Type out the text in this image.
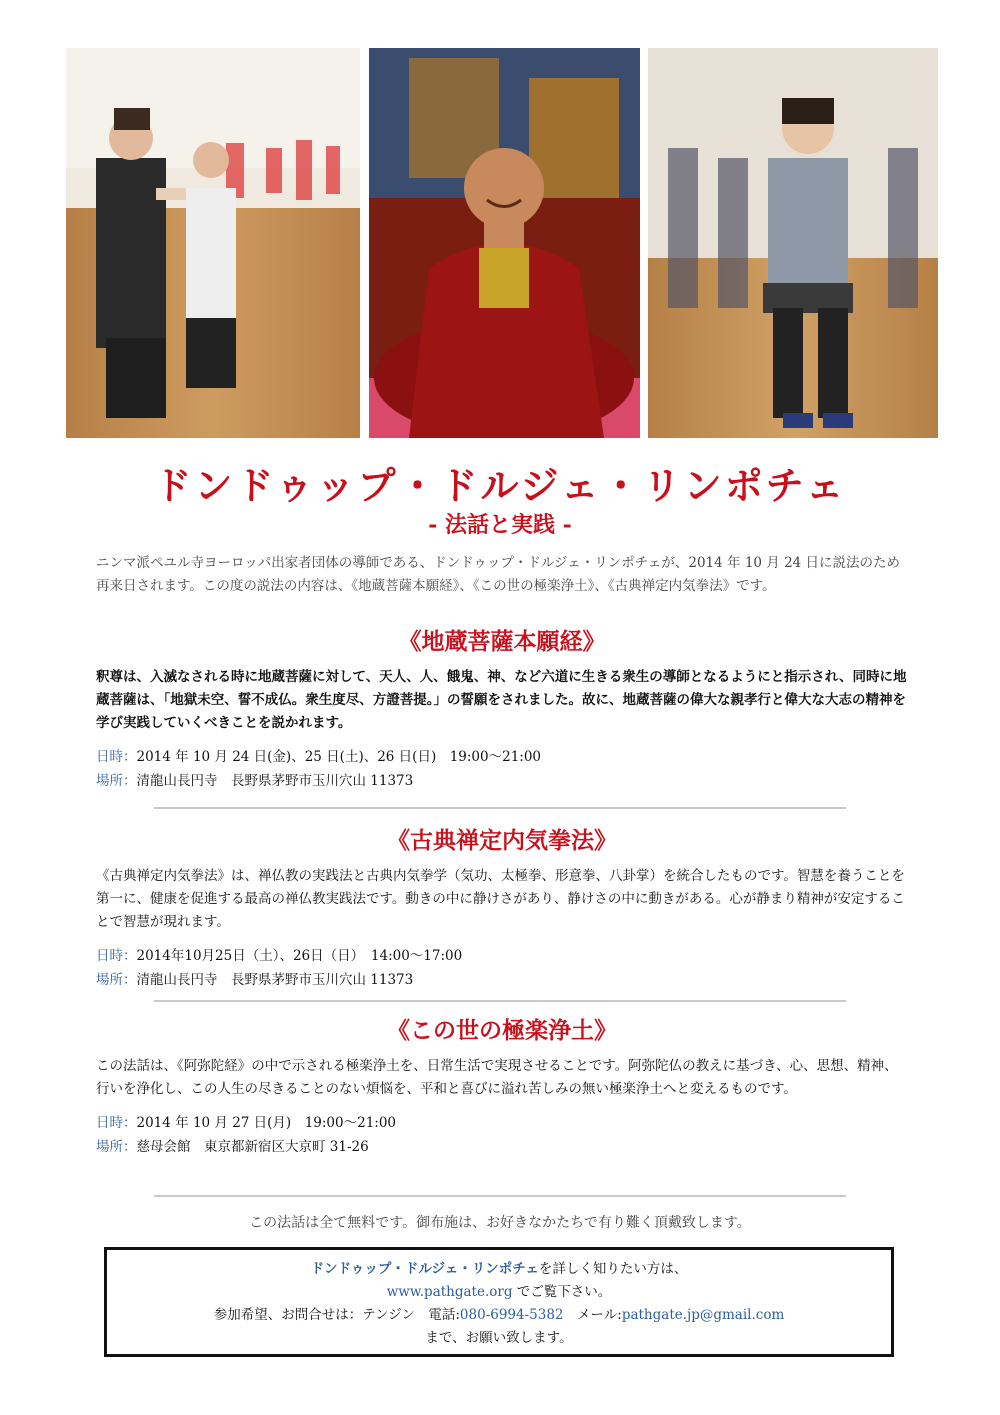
ドンドゥップ・ドルジェ・リンポチェ
- 法話と実践 -

ニンマ派ペユル寺ヨーロッパ出家者団体の導師である、ドンドゥップ・ドルジェ・リンポチェが、2014 年 10 月 24 日に説法のため再来日されます。この度の説法の内容は、《地蔵菩薩本願経》、《この世の極楽浄土》、《古典禅定内気拳法》です。

《地蔵菩薩本願経》

釈尊は、入滅なされる時に地蔵菩薩に対して、天人、人、餓鬼、神、など六道に生きる衆生の導師となるようにと指示され、同時に地蔵菩薩は、「地獄未空、誓不成仏。衆生度尽、方證菩提。」の誓願をされました。故に、地蔵菩薩の偉大な親孝行と偉大な大志の精神を学び実践していくべきことを説かれます。

日時：2014 年 10 月 24 日(金)、25 日(土)、26 日(日)　19:00〜21:00
場所：清龍山長円寺　長野県茅野市玉川穴山 11373
《古典禅定内気拳法》

《古典禅定内気拳法》は、禅仏教の実践法と古典内気拳学（気功、太極拳、形意拳、八卦掌）を統合したものです。智慧を養うことを第一に、健康を促進する最高の禅仏教実践法です。動きの中に静けさがあり、静けさの中に動きがある。心が静まり精神が安定することで智慧が現れます。

日時：2014年10月25日（土）、26日（日）　14:00〜17:00
場所：清龍山長円寺　長野県茅野市玉川穴山 11373
《この世の極楽浄土》

この法話は、《阿弥陀経》の中で示される極楽浄土を、日常生活で実現させることです。阿弥陀仏の教えに基づき、心、思想、精神、行いを浄化し、この人生の尽きることのない煩悩を、平和と喜びに溢れ苦しみの無い極楽浄土へと変えるものです。

日時：2014 年 10 月 27 日(月)　19:00〜21:00
場所：慈母会館　東京都新宿区大京町 31-26

この法話は全て無料です。御布施は、お好きなかたちで有り難く頂戴致します。

ドンドゥップ・ドルジェ・リンポチェを詳しく知りたい方は、
www.pathgate.org でご覧下さい。
参加希望、お問合せは：テンジン　電話:080-6994-5382　メール:pathgate.jp@gmail.com
まで、お願い致します。
